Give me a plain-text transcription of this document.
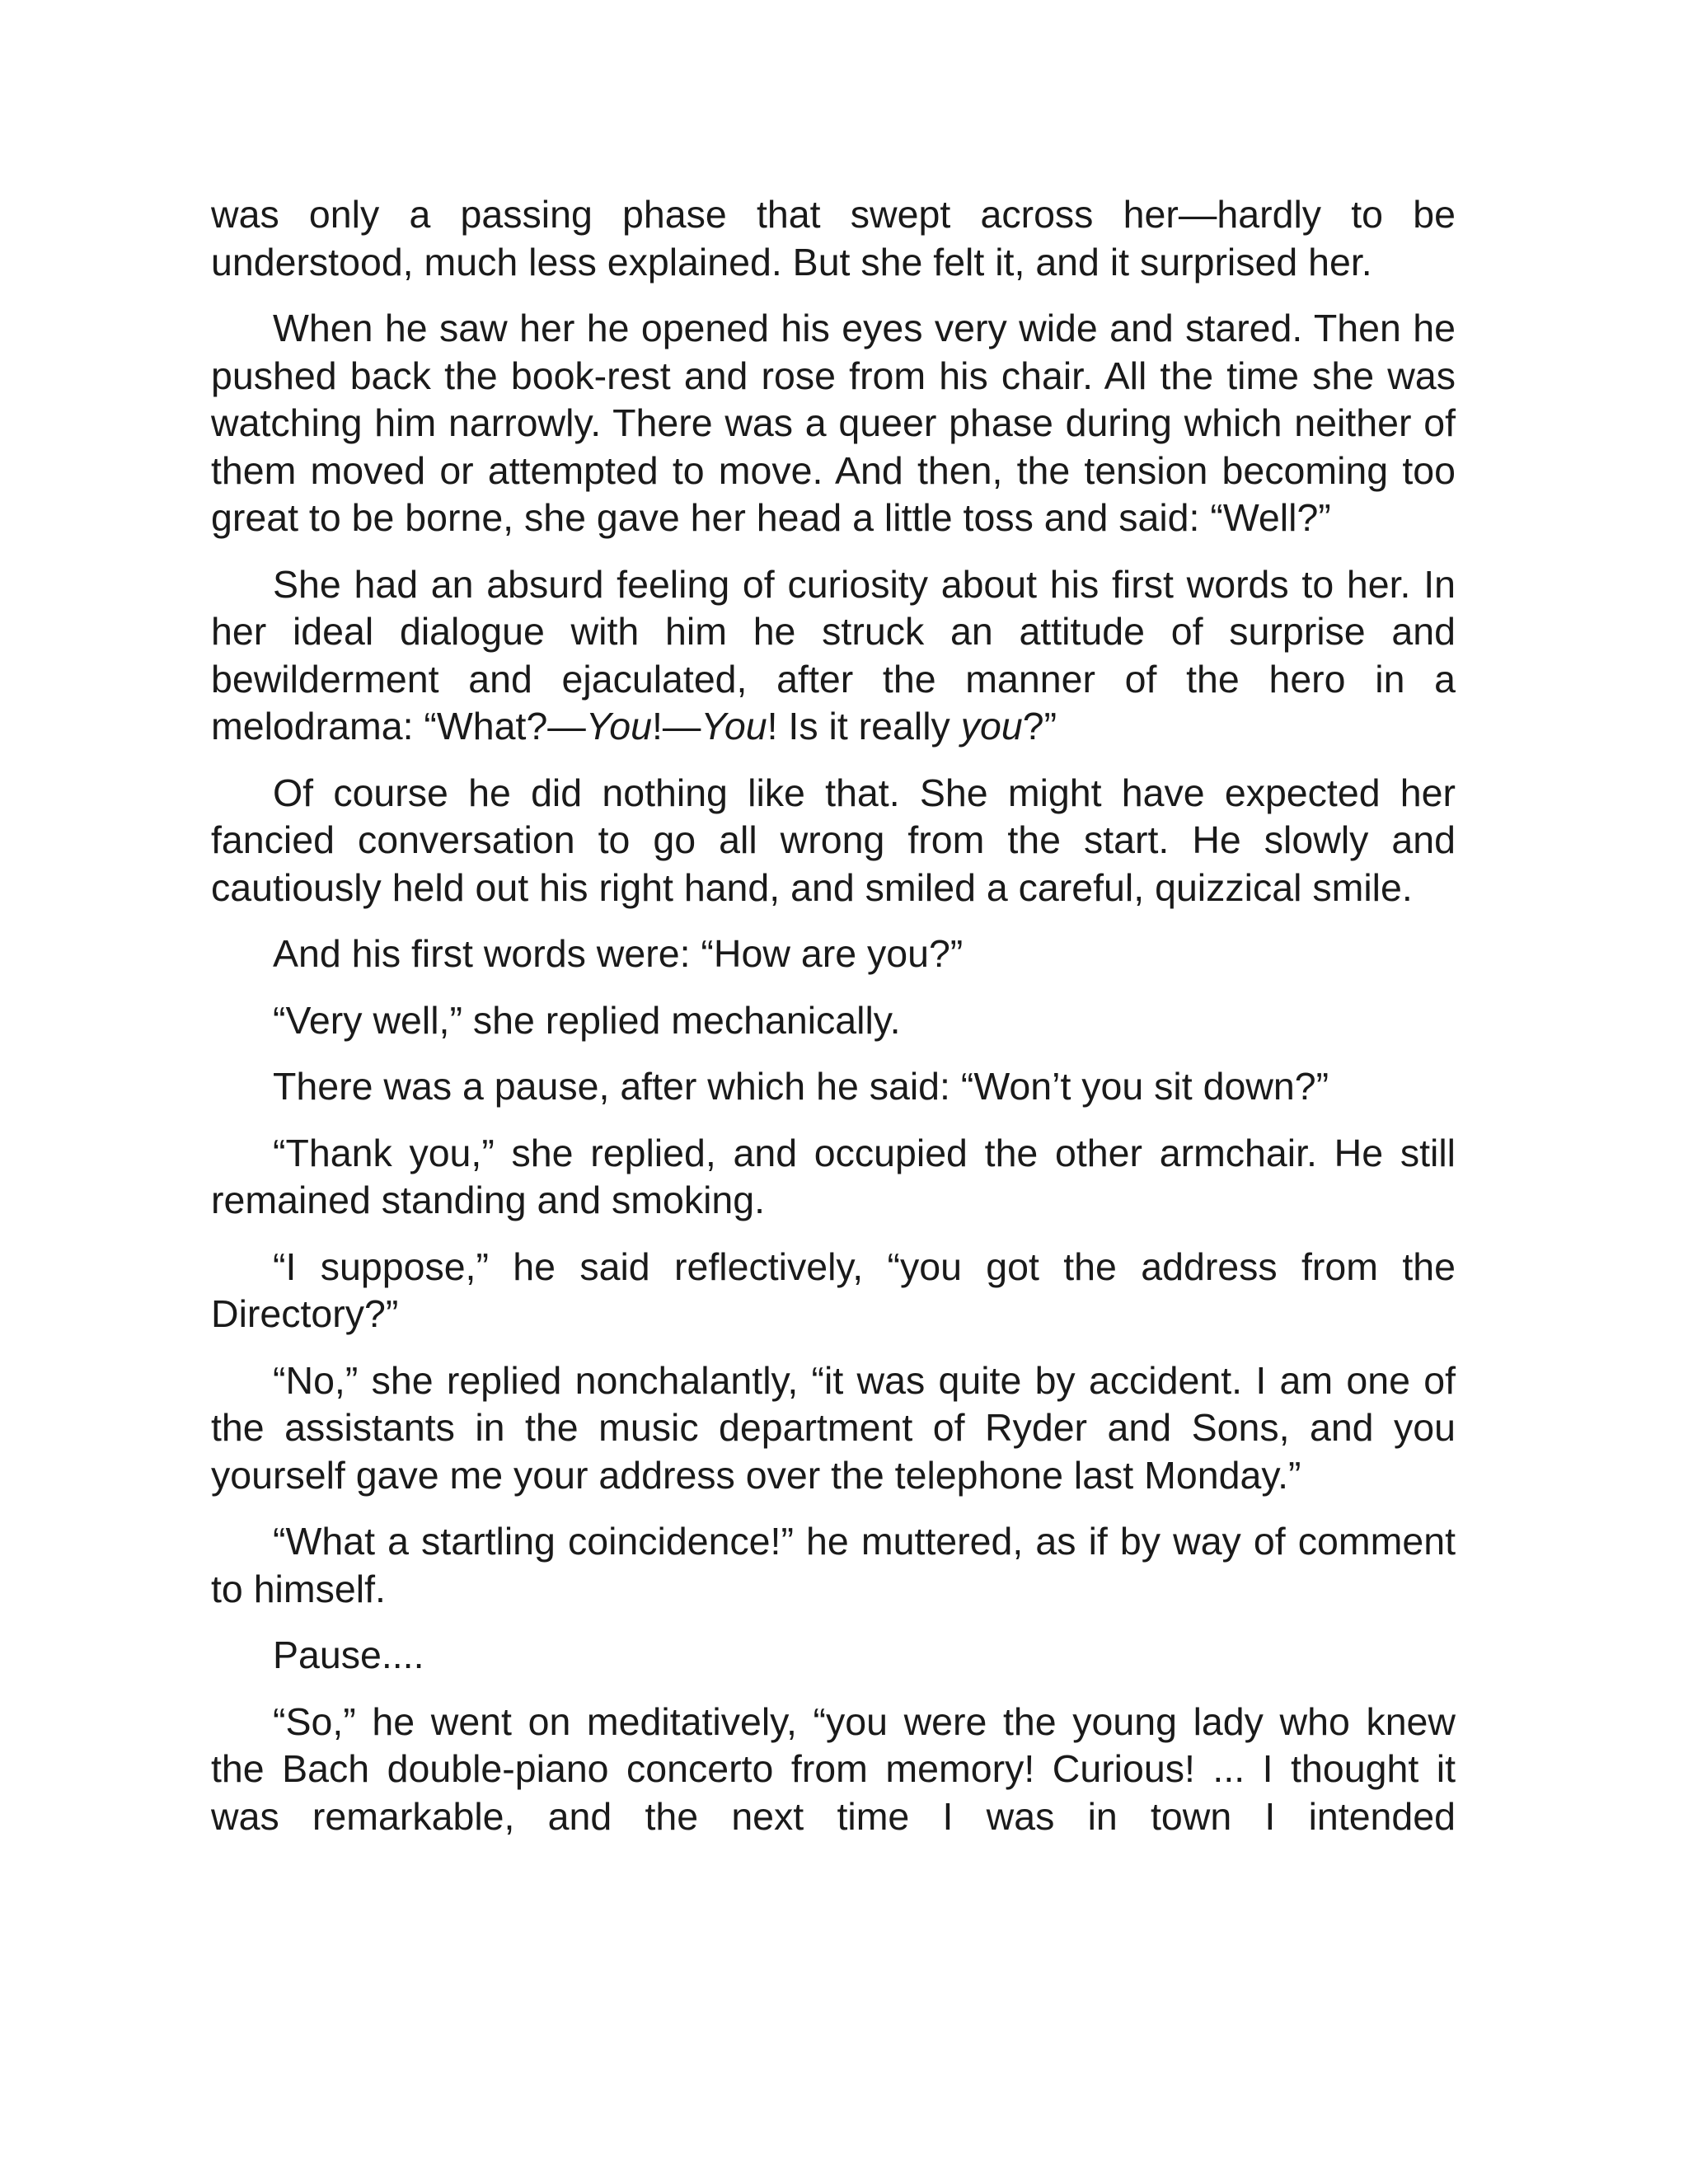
was only a passing phase that swept across her—hardly to be understood, much less explained. But she felt it, and it surprised her.

When he saw her he opened his eyes very wide and stared. Then he pushed back the book-rest and rose from his chair. All the time she was watching him narrowly. There was a queer phase during which neither of them moved or attempted to move. And then, the tension becoming too great to be borne, she gave her head a little toss and said: “Well?”

She had an absurd feeling of curiosity about his first words to her. In her ideal dialogue with him he struck an attitude of surprise and bewilderment and ejaculated, after the manner of the hero in a melodrama: “What?—You!—You! Is it really you?”

Of course he did nothing like that. She might have expected her fancied conversation to go all wrong from the start. He slowly and cautiously held out his right hand, and smiled a careful, quizzical smile.

And his first words were: “How are you?”

“Very well,” she replied mechanically.

There was a pause, after which he said: “Won’t you sit down?”

“Thank you,” she replied, and occupied the other armchair. He still remained standing and smoking.

“I suppose,” he said reflectively, “you got the address from the Directory?”

“No,” she replied nonchalantly, “it was quite by accident. I am one of the assistants in the music department of Ryder and Sons, and you yourself gave me your address over the telephone last Monday.”

“What a startling coincidence!” he muttered, as if by way of comment to himself.

Pause....

“So,” he went on meditatively, “you were the young lady who knew the Bach double-piano concerto from memory! Curious! ... I thought it was remarkable, and the next time I was in town I intended
